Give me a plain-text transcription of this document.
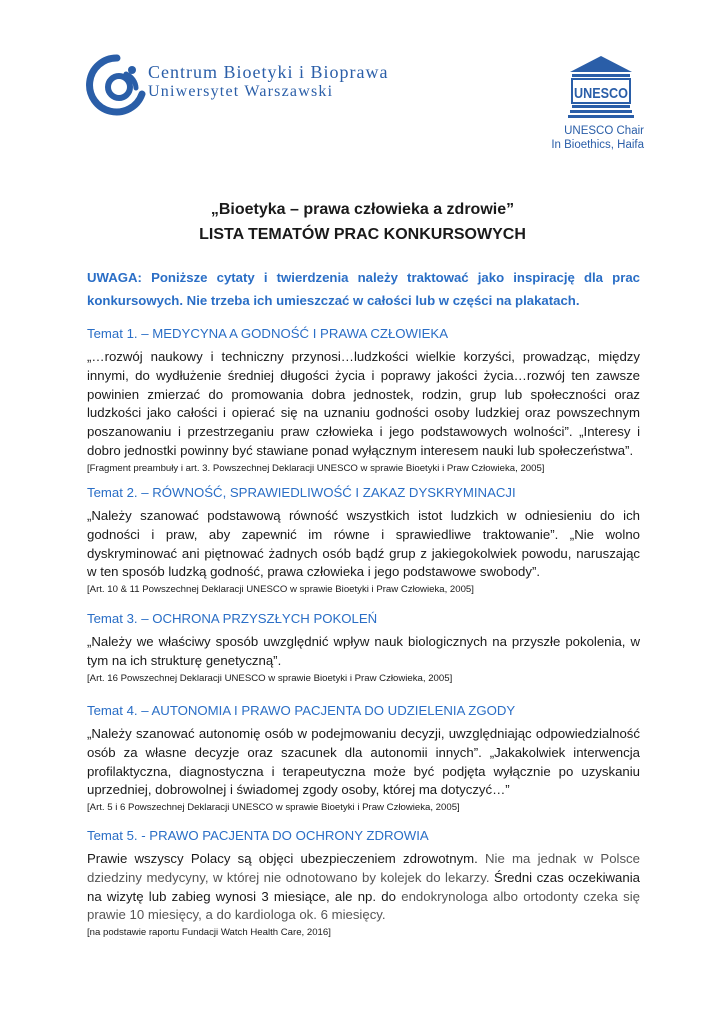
Centrum Bioetyki i Bioprawa
Uniwersytet Warszawski	UNESCO
UNESCO Chair
In Bioethics, Haifa
„Bioetyka – prawa człowieka a zdrowie”
LISTA TEMATÓW PRAC KONKURSOWYCH
UWAGA: Poniższe cytaty i twierdzenia należy traktować jako inspirację dla prac konkursowych. Nie trzeba ich umieszczać w całości lub w części na plakatach.
Temat 1. – MEDYCYNA A GODNOŚĆ I PRAWA CZŁOWIEKA

„…rozwój naukowy i techniczny przynosi…ludzkości wielkie korzyści, prowadząc, między innymi, do wydłużenie średniej długości życia i poprawy jakości życia…rozwój ten zawsze powinien zmierzać do promowania dobra jednostek, rodzin, grup lub społeczności oraz ludzkości jako całości i opierać się na uznaniu godności osoby ludzkiej oraz powszechnym poszanowaniu i przestrzeganiu praw człowieka i jego podstawowych wolności”. „Interesy i dobro jednostki powinny być stawiane ponad wyłącznym interesem nauki lub społeczeństwa”.

[Fragment preambuły i art. 3. Powszechnej Deklaracji UNESCO w sprawie Bioetyki i Praw Człowieka, 2005]
Temat 2. – RÓWNOŚĆ, SPRAWIEDLIWOŚĆ I ZAKAZ DYSKRYMINACJI

„Należy szanować podstawową równość wszystkich istot ludzkich w odniesieniu do ich godności i praw, aby zapewnić im równe i sprawiedliwe traktowanie”. „Nie wolno dyskryminować ani piętnować żadnych osób bądź grup z jakiegokolwiek powodu, naruszając w ten sposób ludzką godność, prawa człowieka i jego podstawowe swobody”.

[Art. 10 & 11 Powszechnej Deklaracji UNESCO w sprawie Bioetyki i Praw Człowieka, 2005]
Temat 3. – OCHRONA PRZYSZŁYCH POKOLEŃ

„Należy we właściwy sposób uwzględnić wpływ nauk biologicznych na przyszłe pokolenia, w tym na ich strukturę genetyczną”.

[Art. 16 Powszechnej Deklaracji UNESCO w sprawie Bioetyki i Praw Człowieka, 2005]
Temat 4. – AUTONOMIA I PRAWO PACJENTA DO UDZIELENIA ZGODY

„Należy szanować autonomię osób w podejmowaniu decyzji, uwzględniając odpowiedzialność osób za własne decyzje oraz szacunek dla autonomii innych”. „Jakakolwiek interwencja profilaktyczna, diagnostyczna i terapeutyczna może być podjęta wyłącznie po uzyskaniu uprzedniej, dobrowolnej i świadomej zgody osoby, której ma dotyczyć…”

[Art. 5 i 6 Powszechnej Deklaracji UNESCO w sprawie Bioetyki i Praw Człowieka, 2005]
Temat 5. - PRAWO PACJENTA DO OCHRONY ZDROWIA

Prawie wszyscy Polacy są objęci ubezpieczeniem zdrowotnym. Nie ma jednak w Polsce dziedziny medycyny, w której nie odnotowano by kolejek do lekarzy. Średni czas oczekiwania na wizytę lub zabieg wynosi 3 miesiące, ale np. do endokrynologa albo ortodonty czeka się prawie 10 miesięcy, a do kardiologa ok. 6 miesięcy.

[na podstawie raportu Fundacji Watch Health Care, 2016]
